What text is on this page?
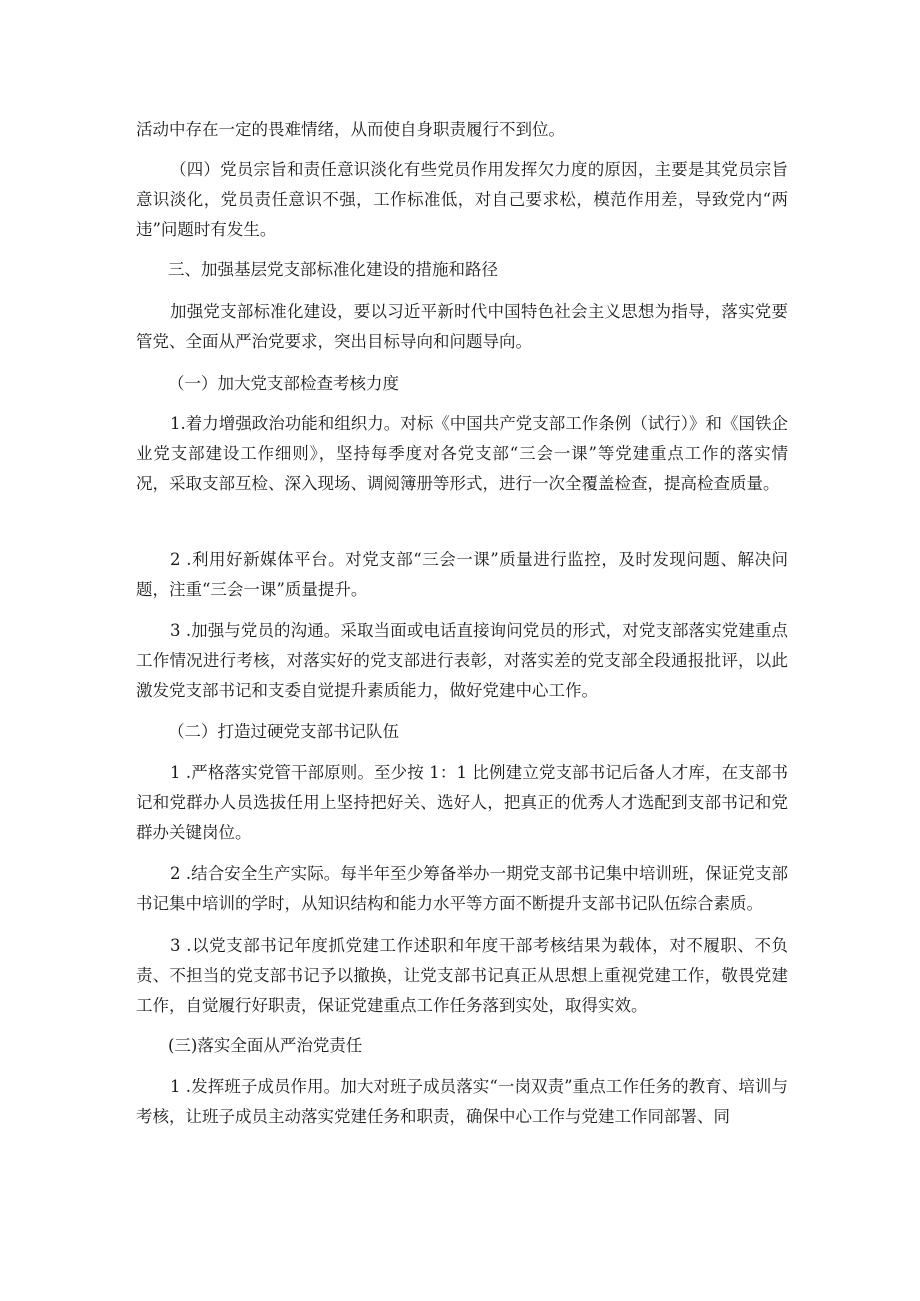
活动中存在一定的畏难情绪，从而使自身职责履行不到位。

（四）党员宗旨和责任意识淡化有些党员作用发挥欠力度的原因，主要是其党员宗旨意识淡化，党员责任意识不强，工作标准低，对自己要求松，模范作用差，导致党内“两违”问题时有发生。

三、加强基层党支部标准化建设的措施和路径

加强党支部标准化建设，要以习近平新时代中国特色社会主义思想为指导，落实党要管党、全面从严治党要求，突出目标导向和问题导向。

（一）加大党支部检查考核力度

1.着力增强政治功能和组织力。对标《中国共产党支部工作条例（试行）》和《国铁企业党支部建设工作细则》，坚持每季度对各党支部“三会一课”等党建重点工作的落实情况，采取支部互检、深入现场、调阅簿册等形式，进行一次全覆盖检查，提高检查质量。

2 .利用好新媒体平台。对党支部“三会一课”质量进行监控，及时发现问题、解决问题，注重“三会一课”质量提升。

3 .加强与党员的沟通。采取当面或电话直接询问党员的形式，对党支部落实党建重点工作情况进行考核，对落实好的党支部进行表彰，对落实差的党支部全段通报批评，以此激发党支部书记和支委自觉提升素质能力，做好党建中心工作。

（二）打造过硬党支部书记队伍

1 .严格落实党管干部原则。至少按 1：1 比例建立党支部书记后备人才库，在支部书记和党群办人员选拔任用上坚持把好关、选好人，把真正的优秀人才选配到支部书记和党群办关键岗位。

2 .结合安全生产实际。每半年至少筹备举办一期党支部书记集中培训班，保证党支部书记集中培训的学时，从知识结构和能力水平等方面不断提升支部书记队伍综合素质。

3 .以党支部书记年度抓党建工作述职和年度干部考核结果为载体，对不履职、不负责、不担当的党支部书记予以撤换，让党支部书记真正从思想上重视党建工作，敬畏党建工作，自觉履行好职责，保证党建重点工作任务落到实处，取得实效。

(三)落实全面从严治党责任

1 .发挥班子成员作用。加大对班子成员落实“一岗双责”重点工作任务的教育、培训与考核，让班子成员主动落实党建任务和职责，确保中心工作与党建工作同部署、同
